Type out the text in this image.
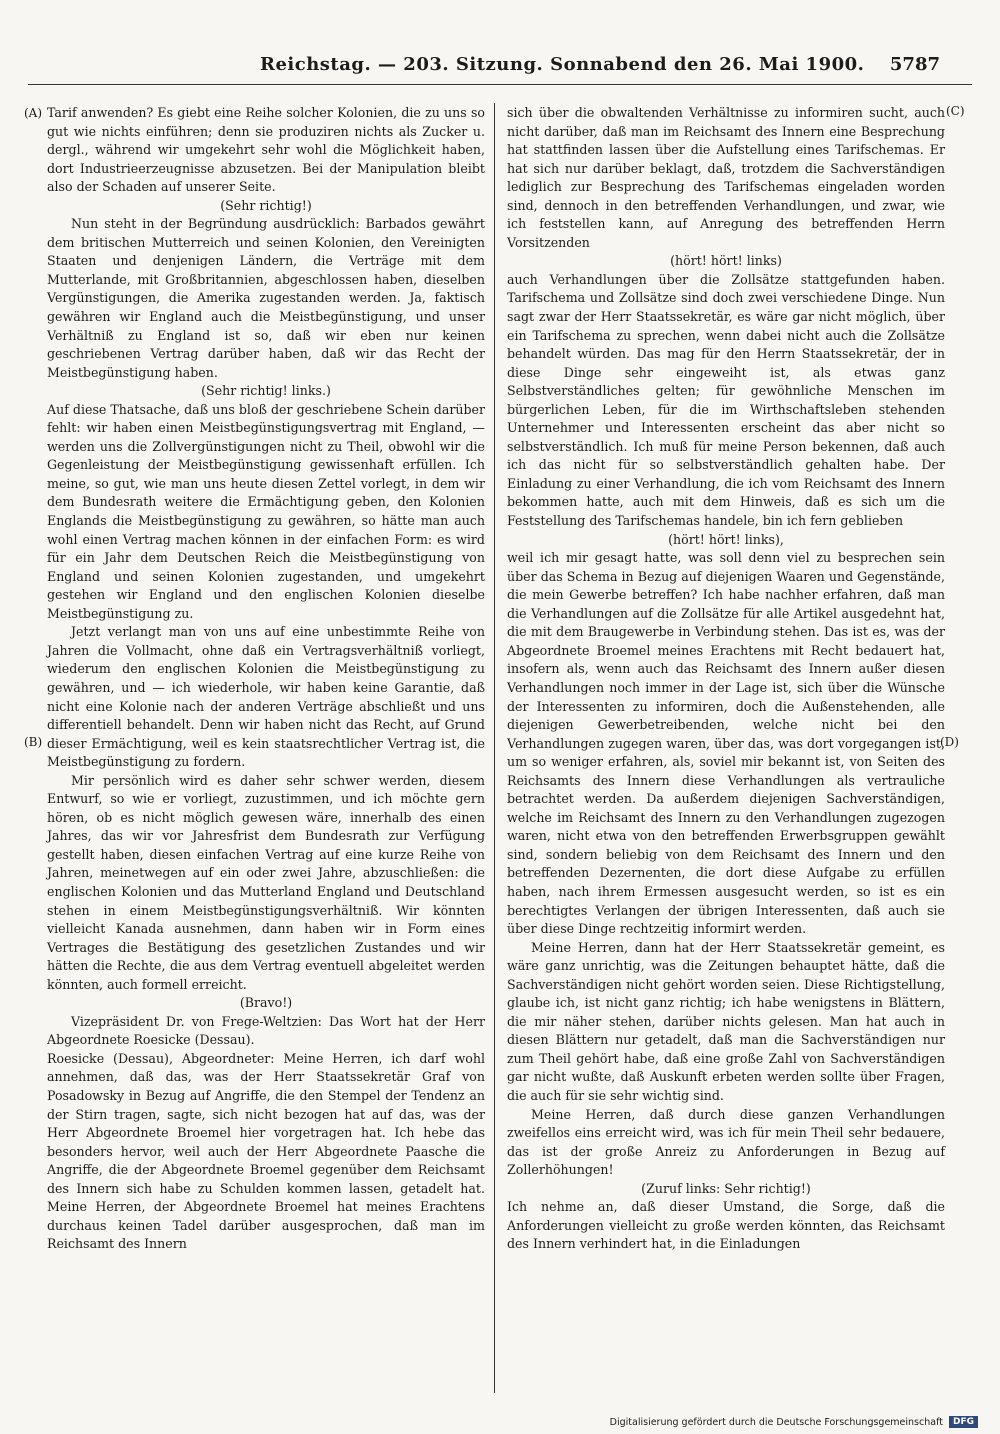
Reichstag. — 203. Sitzung. Sonnabend den 26. Mai 1900. 5787
(A)
(B)
(C)
(D)

Tarif anwenden? Es giebt eine Reihe solcher Kolonien, die zu uns so gut wie nichts einführen; denn sie produziren nichts als Zucker u. dergl., während wir umgekehrt sehr wohl die Möglichkeit haben, dort Industrieerzeugnisse abzusetzen. Bei der Manipulation bleibt also der Schaden auf unserer Seite.

(Sehr richtig!)

Nun steht in der Begründung ausdrücklich: Barbados gewährt dem britischen Mutterreich und seinen Kolonien, den Vereinigten Staaten und denjenigen Ländern, die Verträge mit dem Mutterlande, mit Großbritannien, abgeschlossen haben, dieselben Vergünstigungen, die Amerika zugestanden werden. Ja, faktisch gewähren wir England auch die Meistbegünstigung, und unser Verhältniß zu England ist so, daß wir eben nur keinen geschriebenen Vertrag darüber haben, daß wir das Recht der Meistbegünstigung haben.

(Sehr richtig! links.)

Auf diese Thatsache, daß uns bloß der geschriebene Schein darüber fehlt: wir haben einen Meistbegünstigungsvertrag mit England, — werden uns die Zollvergünstigungen nicht zu Theil, obwohl wir die Gegenleistung der Meistbegünstigung gewissenhaft erfüllen. Ich meine, so gut, wie man uns heute diesen Zettel vorlegt, in dem wir dem Bundesrath weitere die Ermächtigung geben, den Kolonien Englands die Meistbegünstigung zu gewähren, so hätte man auch wohl einen Vertrag machen können in der einfachen Form: es wird für ein Jahr dem Deutschen Reich die Meistbegünstigung von England und seinen Kolonien zugestanden, und umgekehrt gestehen wir England und den englischen Kolonien dieselbe Meistbegünstigung zu.

Jetzt verlangt man von uns auf eine unbestimmte Reihe von Jahren die Vollmacht, ohne daß ein Vertragsverhältniß vorliegt, wiederum den englischen Kolonien die Meistbegünstigung zu gewähren, und — ich wiederhole, wir haben keine Garantie, daß nicht eine Kolonie nach der anderen Verträge abschließt und uns differentiell behandelt. Denn wir haben nicht das Recht, auf Grund dieser Ermächtigung, weil es kein staatsrechtlicher Vertrag ist, die Meistbegünstigung zu fordern.

Mir persönlich wird es daher sehr schwer werden, diesem Entwurf, so wie er vorliegt, zuzustimmen, und ich möchte gern hören, ob es nicht möglich gewesen wäre, innerhalb des einen Jahres, das wir vor Jahresfrist dem Bundesrath zur Verfügung gestellt haben, diesen einfachen Vertrag auf eine kurze Reihe von Jahren, meinetwegen auf ein oder zwei Jahre, abzuschließen: die englischen Kolonien und das Mutterland England und Deutschland stehen in einem Meistbegünstigungsverhältniß. Wir könnten vielleicht Kanada ausnehmen, dann haben wir in Form eines Vertrages die Bestätigung des gesetzlichen Zustandes und wir hätten die Rechte, die aus dem Vertrag eventuell abgeleitet werden könnten, auch formell erreicht.

(Bravo!)

Vizepräsident Dr. von Frege-Weltzien: Das Wort hat der Herr Abgeordnete Roesicke (Dessau).

Roesicke (Dessau), Abgeordneter: Meine Herren, ich darf wohl annehmen, daß das, was der Herr Staatssekretär Graf von Posadowsky in Bezug auf Angriffe, die den Stempel der Tendenz an der Stirn tragen, sagte, sich nicht bezogen hat auf das, was der Herr Abgeordnete Broemel hier vorgetragen hat. Ich hebe das besonders hervor, weil auch der Herr Abgeordnete Paasche die Angriffe, die der Abgeordnete Broemel gegenüber dem Reichsamt des Innern sich habe zu Schulden kommen lassen, getadelt hat. Meine Herren, der Abgeordnete Broemel hat meines Erachtens durchaus keinen Tadel darüber ausgesprochen, daß man im Reichsamt des Innern

sich über die obwaltenden Verhältnisse zu informiren sucht, auch nicht darüber, daß man im Reichsamt des Innern eine Besprechung hat stattfinden lassen über die Aufstellung eines Tarifschemas. Er hat sich nur darüber beklagt, daß, trotzdem die Sachverständigen lediglich zur Besprechung des Tarifschemas eingeladen worden sind, dennoch in den betreffenden Verhandlungen, und zwar, wie ich feststellen kann, auf Anregung des betreffenden Herrn Vorsitzenden

(hört! hört! links)

auch Verhandlungen über die Zollsätze stattgefunden haben. Tarifschema und Zollsätze sind doch zwei verschiedene Dinge. Nun sagt zwar der Herr Staatssekretär, es wäre gar nicht möglich, über ein Tarifschema zu sprechen, wenn dabei nicht auch die Zollsätze behandelt würden. Das mag für den Herrn Staatssekretär, der in diese Dinge sehr eingeweiht ist, als etwas ganz Selbstverständliches gelten; für gewöhnliche Menschen im bürgerlichen Leben, für die im Wirthschaftsleben stehenden Unternehmer und Interessenten erscheint das aber nicht so selbstverständlich. Ich muß für meine Person bekennen, daß auch ich das nicht für so selbstverständlich gehalten habe. Der Einladung zu einer Verhandlung, die ich vom Reichsamt des Innern bekommen hatte, auch mit dem Hinweis, daß es sich um die Feststellung des Tarifschemas handele, bin ich fern geblieben

(hört! hört! links),

weil ich mir gesagt hatte, was soll denn viel zu besprechen sein über das Schema in Bezug auf diejenigen Waaren und Gegenstände, die mein Gewerbe betreffen? Ich habe nachher erfahren, daß man die Verhandlungen auf die Zollsätze für alle Artikel ausgedehnt hat, die mit dem Braugewerbe in Verbindung stehen. Das ist es, was der Abgeordnete Broemel meines Erachtens mit Recht bedauert hat, insofern als, wenn auch das Reichsamt des Innern außer diesen Verhandlungen noch immer in der Lage ist, sich über die Wünsche der Interessenten zu informiren, doch die Außenstehenden, alle diejenigen Gewerbetreibenden, welche nicht bei den Verhandlungen zugegen waren, über das, was dort vorgegangen ist, um so weniger erfahren, als, soviel mir bekannt ist, von Seiten des Reichsamts des Innern diese Verhandlungen als vertrauliche betrachtet werden. Da außerdem diejenigen Sachverständigen, welche im Reichsamt des Innern zu den Verhandlungen zugezogen waren, nicht etwa von den betreffenden Erwerbsgruppen gewählt sind, sondern beliebig von dem Reichsamt des Innern und den betreffenden Dezernenten, die dort diese Aufgabe zu erfüllen haben, nach ihrem Ermessen ausgesucht werden, so ist es ein berechtigtes Verlangen der übrigen Interessenten, daß auch sie über diese Dinge rechtzeitig informirt werden.

Meine Herren, dann hat der Herr Staatssekretär gemeint, es wäre ganz unrichtig, was die Zeitungen behauptet hätte, daß die Sachverständigen nicht gehört worden seien. Diese Richtigstellung, glaube ich, ist nicht ganz richtig; ich habe wenigstens in Blättern, die mir näher stehen, darüber nichts gelesen. Man hat auch in diesen Blättern nur getadelt, daß man die Sachverständigen nur zum Theil gehört habe, daß eine große Zahl von Sachverständigen gar nicht wußte, daß Auskunft erbeten werden sollte über Fragen, die auch für sie sehr wichtig sind.

Meine Herren, daß durch diese ganzen Verhandlungen zweifellos eins erreicht wird, was ich für mein Theil sehr bedauere, das ist der große Anreiz zu Anforderungen in Bezug auf Zollerhöhungen!

(Zuruf links: Sehr richtig!)

Ich nehme an, daß dieser Umstand, die Sorge, daß die Anforderungen vielleicht zu große werden könnten, das Reichsamt des Innern verhindert hat, in die Einladungen

Digitalisierung gefördert durch die Deutsche Forschungsgemeinschaft	DFG
